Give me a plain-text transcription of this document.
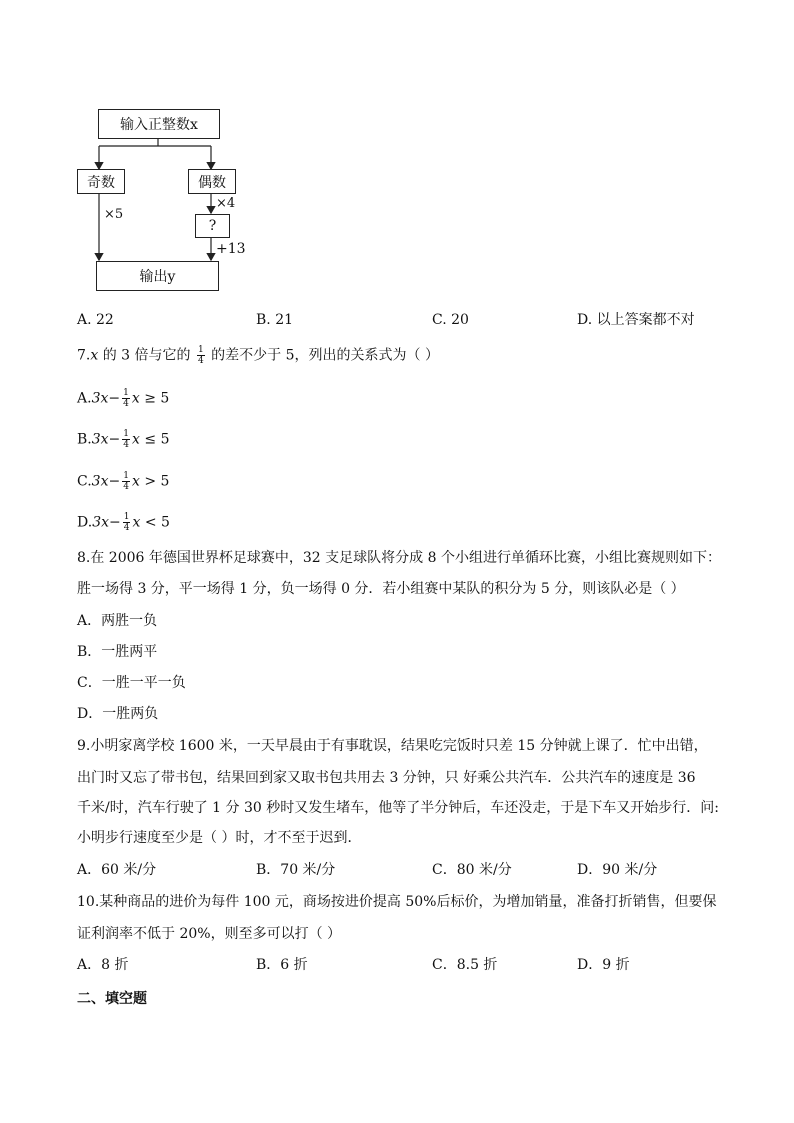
输入正整数x
奇数	偶数
?
输出y
×5
×4
+13
A. 22	B. 21	C. 20	D. 以上答案都不对
7.x 的 3 倍与它的 $\frac{1}{4}$ 的差不少于 5，列出的关系式为（ ）
$A.3x- \frac{1}{4}$ x ≥ 5
$B.3x- \frac{1}{4}$ x ≤ 5
$C.3x- \frac{1}{4}$ x > 5
$D.3x- \frac{1}{4}$ x < 5
8.在 2006 年德国世界杯足球赛中，32 支足球队将分成 8 个小组进行单循环比赛，小组比赛规则如下：
胜一场得 3 分，平一场得 1 分，负一场得 0 分．若小组赛中某队的积分为 5 分，则该队必是（ ）
A．两胜一负
B．一胜两平
C．一胜一平一负
D．一胜两负
9.小明家离学校 1600 米，一天早晨由于有事耽误，结果吃完饭时只差 15 分钟就上课了．忙中出错，
出门时又忘了带书包，结果回到家又取书包共用去 3 分钟，只 好乘公共汽车．公共汽车的速度是 36
千米/时，汽车行驶了 1 分 30 秒时又发生堵车，他等了半分钟后，车还没走，于是下车又开始步行．问:
小明步行速度至少是（ ）时，才不至于迟到．
A．60 米/分	B．70 米/分	C．80 米/分	D．90 米/分
10.某种商品的进价为每件 100 元，商场按进价提高 50%后标价，为增加销量，准备打折销售，但要保
证利润率不低于 20%，则至多可以打（ ）
A．8 折	B．6 折	C．8.5 折	D．9 折
二、填空题
